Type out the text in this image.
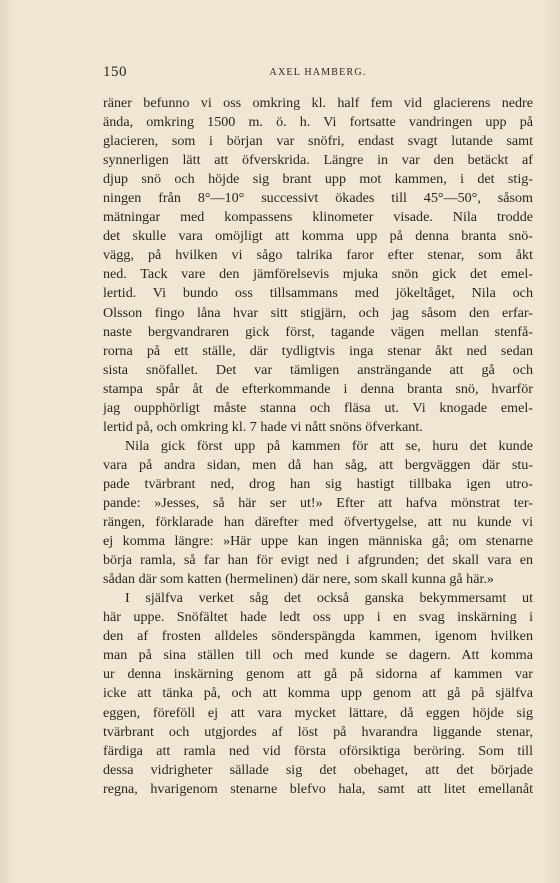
150	AXEL HAMBERG.
räner befunno vi oss omkring kl. half fem vid glacierens nedre
ända, omkring 1500 m. ö. h. Vi fortsatte vandringen upp på
glacieren, som i början var snöfri, endast svagt lutande samt
synnerligen lätt att öfverskrida. Längre in var den betäckt af
djup snö och höjde sig brant upp mot kammen, i det stig-
ningen från 8°—10° successivt ökades till 45°—50°, såsom
mätningar med kompassens klinometer visade. Nila trodde
det skulle vara omöjligt att komma upp på denna branta snö-
vägg, på hvilken vi sågo talrika faror efter stenar, som åkt
ned. Tack vare den jämförelsevis mjuka snön gick det emel-
lertid. Vi bundo oss tillsammans med jökeltåget, Nila och
Olsson fingo låna hvar sitt stigjärn, och jag såsom den erfar-
naste bergvandraren gick först, tagande vägen mellan stenfå-
rorna på ett ställe, där tydligtvis inga stenar åkt ned sedan
sista snöfallet. Det var tämligen ansträngande att gå och
stampa spår åt de efterkommande i denna branta snö, hvarför
jag oupphörligt måste stanna och fläsa ut. Vi knogade emel-
lertid på, och omkring kl. 7 hade vi nått snöns öfverkant.
Nila gick först upp på kammen för att se, huru det kunde
vara på andra sidan, men då han såg, att bergväggen där stu-
pade tvärbrant ned, drog han sig hastigt tillbaka igen utro-
pande: »Jesses, så här ser ut!» Efter att hafva mönstrat ter-
rängen, förklarade han därefter med öfvertygelse, att nu kunde vi
ej komma längre: »Här uppe kan ingen människa gå; om stenarne
börja ramla, så far han för evigt ned i afgrunden; det skall vara en
sådan där som katten (hermelinen) där nere, som skall kunna gå här.»
I själfva verket såg det också ganska bekymmersamt ut
här uppe. Snöfältet hade ledt oss upp i en svag inskärning i
den af frosten alldeles sönderspängda kammen, igenom hvilken
man på sina ställen till och med kunde se dagern. Att komma
ur denna inskärning genom att gå på sidorna af kammen var
icke att tänka på, och att komma upp genom att gå på själfva
eggen, föreföll ej att vara mycket lättare, då eggen höjde sig
tvärbrant och utgjordes af löst på hvarandra liggande stenar,
färdiga att ramla ned vid första oförsiktiga beröring. Som till
dessa vidrigheter sällade sig det obehaget, att det började
regna, hvarigenom stenarne blefvo hala, samt att litet emellanåt
